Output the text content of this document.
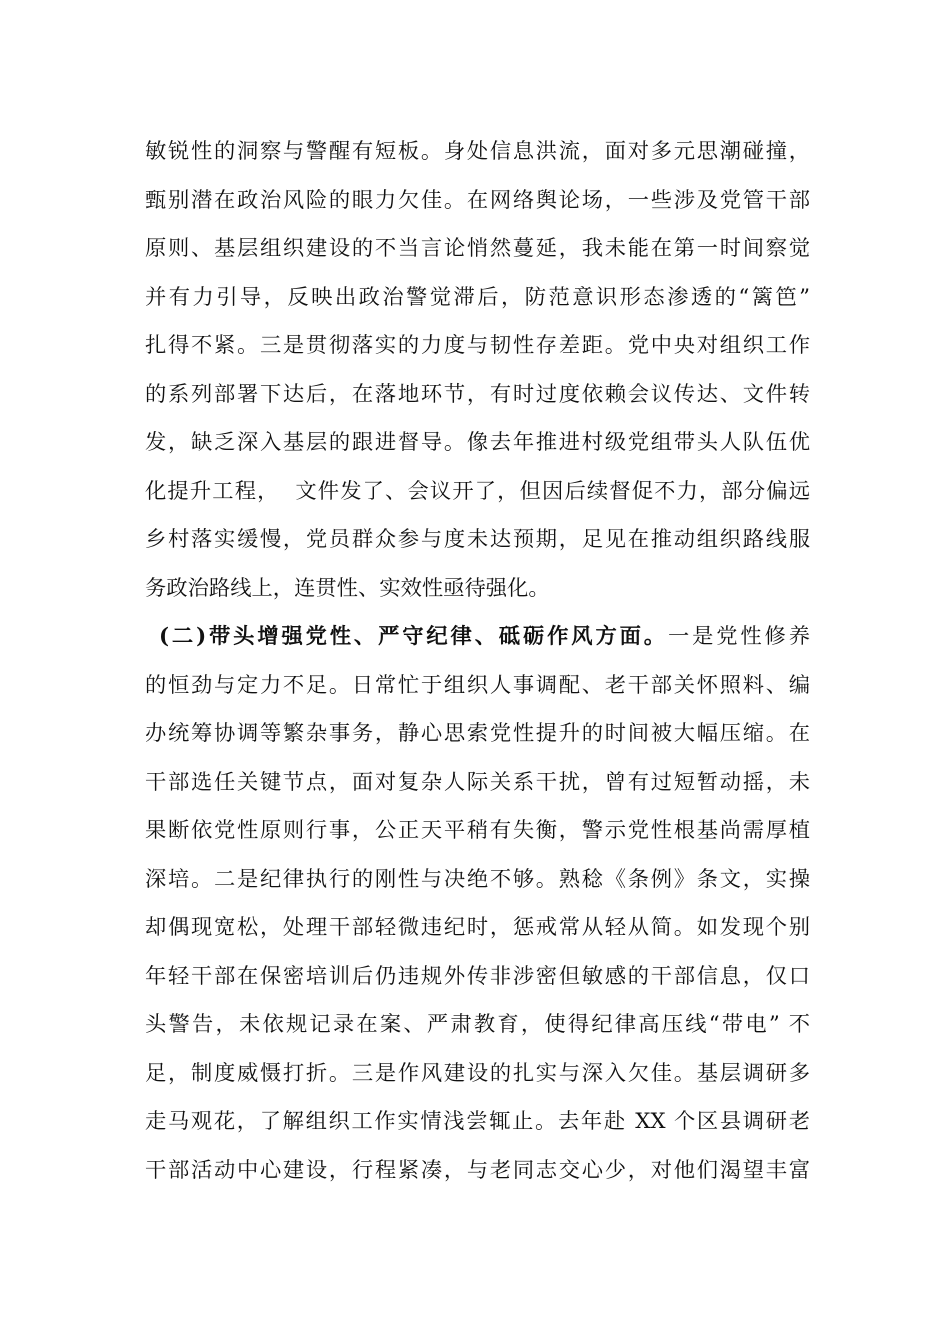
敏锐性的洞察与警醒有短板。身处信息洪流，面对多元思潮碰撞，
甄别潜在政治风险的眼力欠佳。在网络舆论场，一些涉及党管干部
原则、基层组织建设的不当言论悄然蔓延，我未能在第一时间察觉
并有力引导，反映出政治警觉滞后，防范意识形态渗透的“篱笆”
扎得不紧。三是贯彻落实的力度与韧性存差距。党中央对组织工作
的系列部署下达后，在落地环节，有时过度依赖会议传达、文件转
发，缺乏深入基层的跟进督导。像去年推进村级党组带头人队伍优
化提升工程，  文件发了、会议开了，但因后续督促不力，部分偏远
乡村落实缓慢，党员群众参与度未达预期，足见在推动组织路线服
务政治路线上，连贯性、实效性亟待强化。
(二)带头增强党性、严守纪律、砥砺作风方面。一是党性修养
的恒劲与定力不足。日常忙于组织人事调配、老干部关怀照料、编
办统筹协调等繁杂事务，静心思索党性提升的时间被大幅压缩。在
干部选任关键节点，面对复杂人际关系干扰，曾有过短暂动摇，未
果断依党性原则行事，公正天平稍有失衡，警示党性根基尚需厚植
深培。二是纪律执行的刚性与决绝不够。熟稔《条例》条文，实操
却偶现宽松，处理干部轻微违纪时，惩戒常从轻从简。如发现个别
年轻干部在保密培训后仍违规外传非涉密但敏感的干部信息，仅口
头警告，未依规记录在案、严肃教育，使得纪律高压线“带电” 不
足，制度威慑打折。三是作风建设的扎实与深入欠佳。基层调研多
走马观花，了解组织工作实情浅尝辄止。去年赴 XX 个区县调研老
干部活动中心建设，行程紧凑，与老同志交心少，对他们渴望丰富
